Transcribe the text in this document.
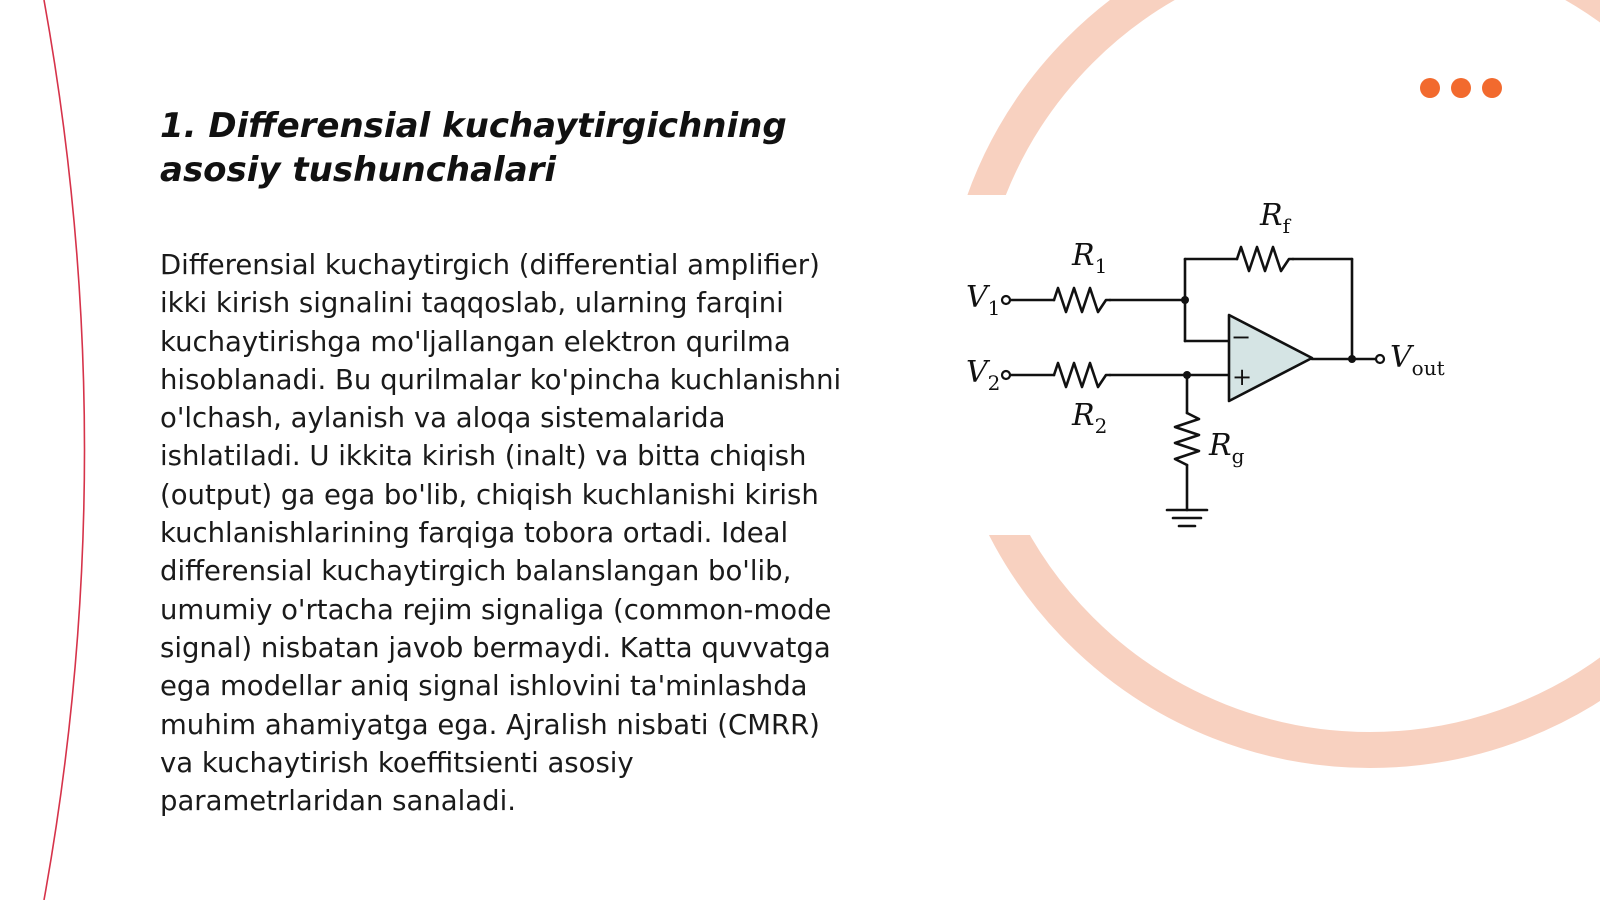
1. Differensial kuchaytirgichning asosiy tushunchalari

Differensial kuchaytirgich (differential amplifier) ikki kirish signalini taqqoslab, ularning farqini kuchaytirishga mo'ljallangan elektron qurilma hisoblanadi. Bu qurilmalar ko'pincha kuchlanishni o'lchash, aylanish va aloqa sistemalarida ishlatiladi. U ikkita kirish (inalt) va bitta chiqish (output) ga ega bo'lib, chiqish kuchlanishi kirish kuchlanishlarining farqiga tobora ortadi. Ideal differensial kuchaytirgich balanslangan bo'lib, umumiy o'rtacha rejim signaliga (common-mode signal) nisbatan javob bermaydi. Katta quvvatga ega modellar aniq signal ishlovini ta'minlashda muhim ahamiyatga ega. Ajralish nisbati (CMRR) va kuchaytirish koeffitsienti asosiy parametrlaridan sanaladi.

−
+
$R_f$
$R_1$
$R_2$
$R_g$
$V_1$
$V_2$
$V_{out}$
